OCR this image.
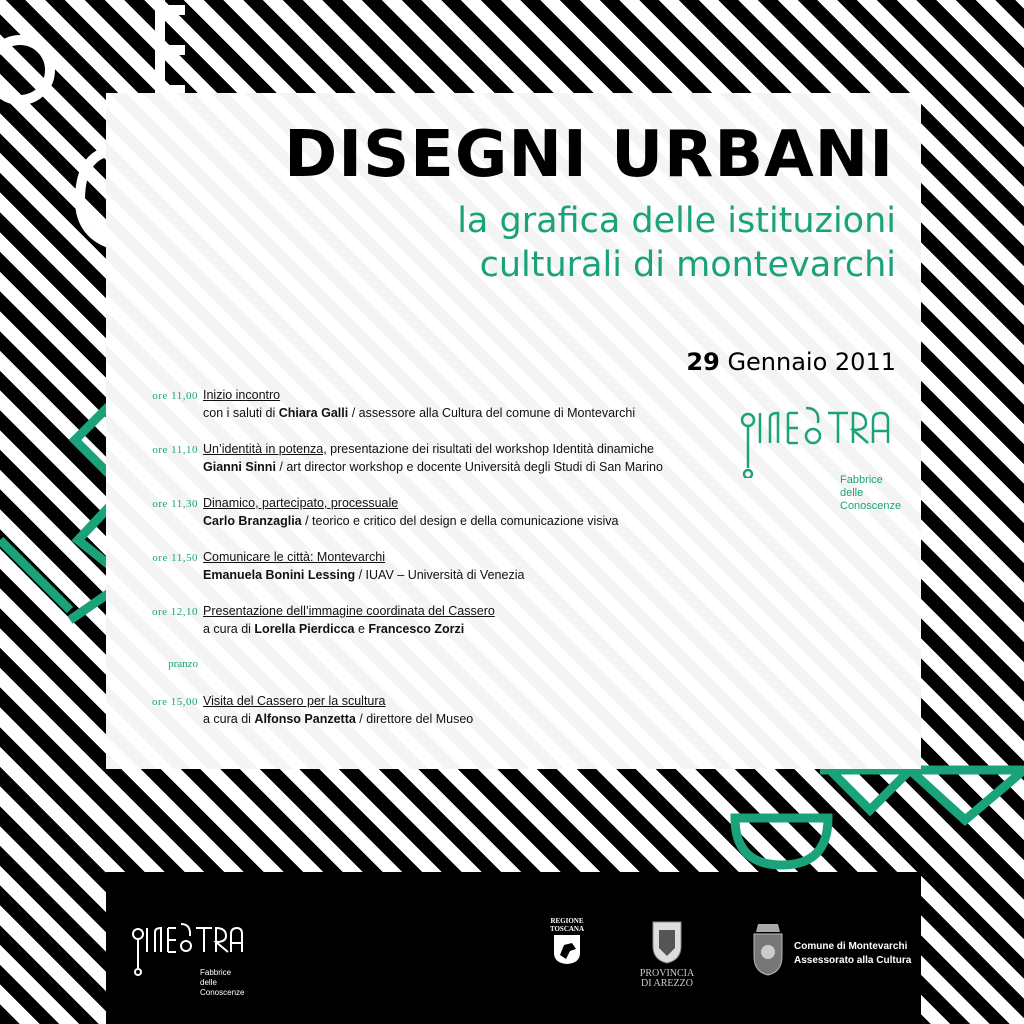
DISEGNI URBANI
la grafica delle istituzioni
culturali di montevarchi
29 Gennaio 2011
ore 11,00 Inizio incontro
con i saluti di Chiara Galli / assessore alla Cultura del comune di Montevarchi
ore 11,10 Un’identità in potenza, presentazione dei risultati del workshop Identità dinamiche
Gianni Sinni / art director workshop e docente Università degli Studi di San Marino
ore 11,30 Dinamico, partecipato, processuale
Carlo Branzaglia / teorico e critico del design e della comunicazione visiva
ore 11,50 Comunicare le città: Montevarchi
Emanuela Bonini Lessing / IUAV – Università di Venezia
ore 12,10 Presentazione dell’immagine coordinata del Cassero
a cura di Lorella Pierdicca e Francesco Zorzi
pranzo
ore 15,00 Visita del Cassero per la scultura
a cura di Alfonso Panzetta / direttore del Museo
Fabbrice
delle
Conoscenze
Fabbrice
delle
Conoscenze
REGIONE
TOSCANA
PROVINCIA
DI AREZZO
Comune di Montevarchi
Assessorato alla Cultura
